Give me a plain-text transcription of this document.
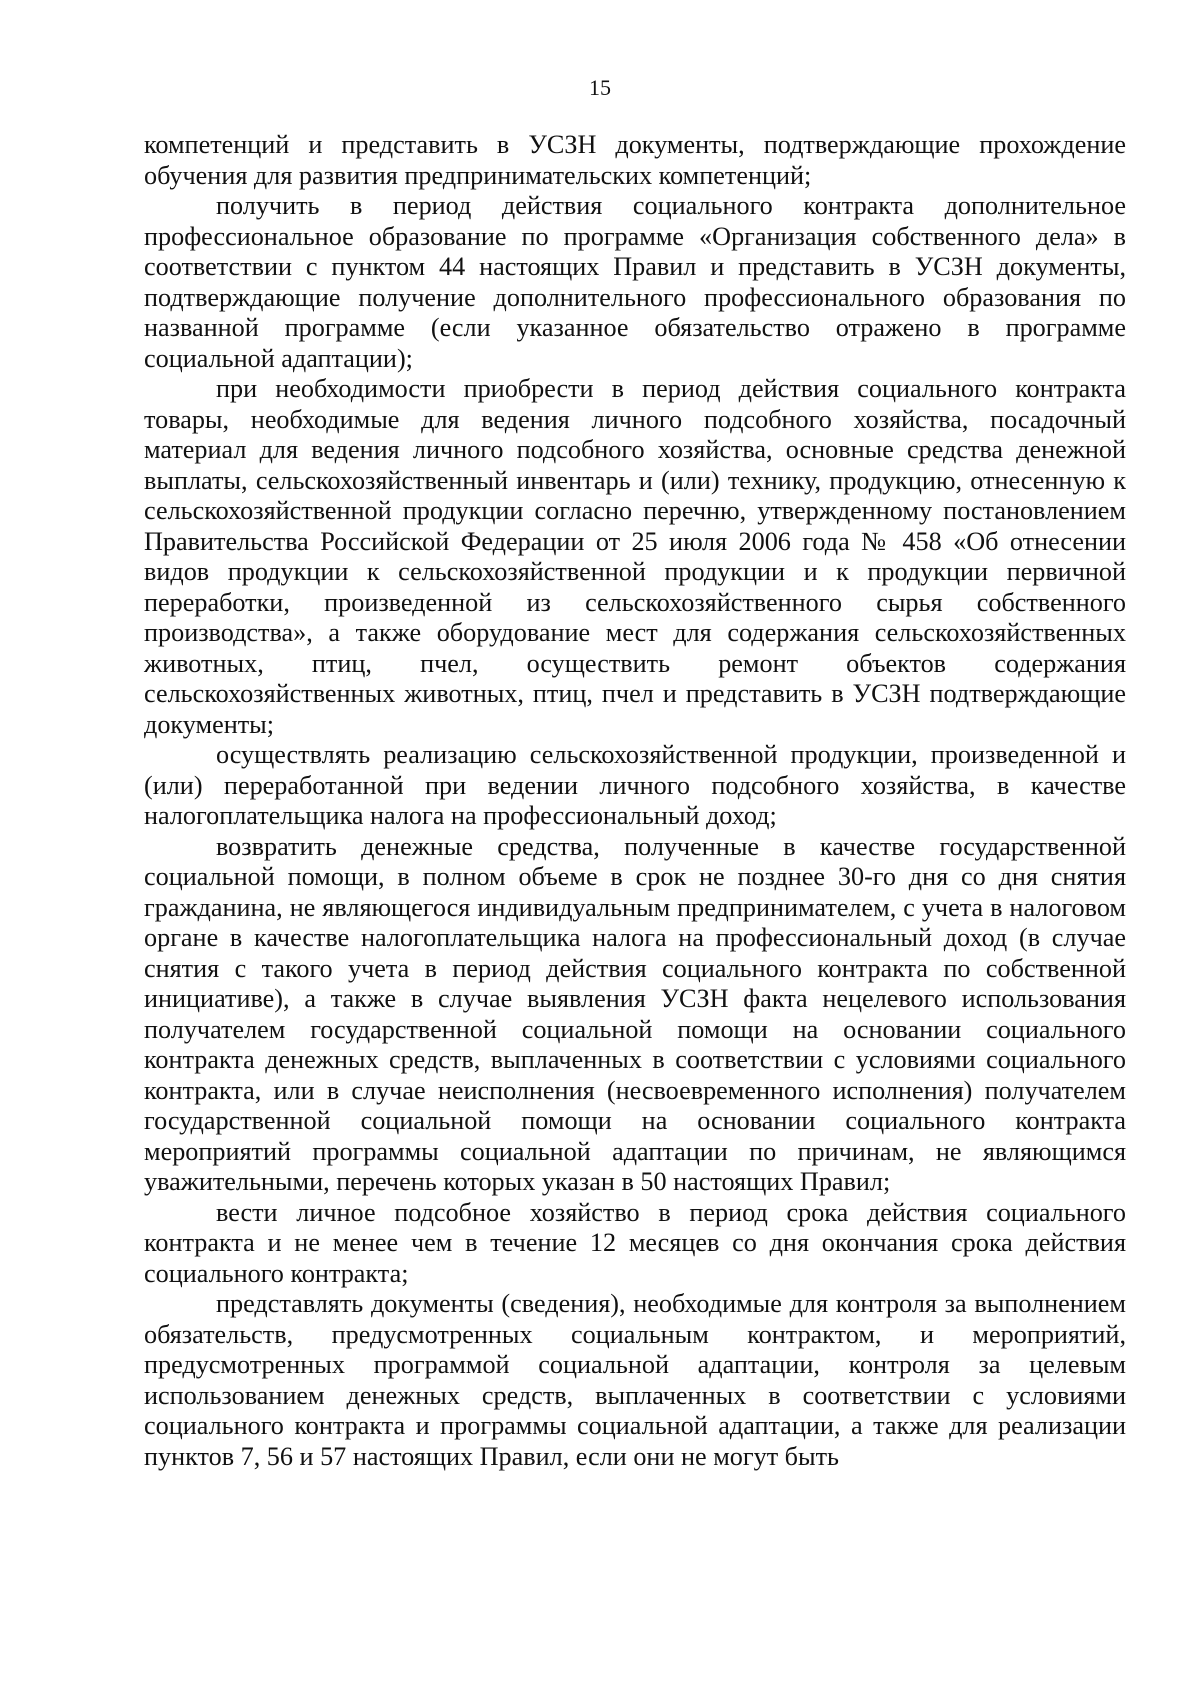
15

компетенций и представить в УСЗН документы, подтверждающие прохождение обучения для развития предпринимательских компетенций;

получить в период действия социального контракта дополнительное профессиональное образование по программе «Организация собственного дела» в соответствии с пунктом 44 настоящих Правил и представить в УСЗН документы, подтверждающие получение дополнительного профессионального образования по названной программе (если указанное обязательство отражено в программе социальной адаптации);

при необходимости приобрести в период действия социального контракта товары, необходимые для ведения личного подсобного хозяйства, посадочный материал для ведения личного подсобного хозяйства, основные средства денежной выплаты, сельскохозяйственный инвентарь и (или) технику, продукцию, отнесенную к сельскохозяйственной продукции согласно перечню, утвержденному постановлением Правительства Российской Федерации от 25 июля 2006 года № 458 «Об отнесении видов продукции к сельскохозяйственной продукции и к продукции первичной переработки, произведенной из сельскохозяйственного сырья собственного производства», а также оборудование мест для содержания сельскохозяйственных животных, птиц, пчел, осуществить ремонт объектов содержания сельскохозяйственных животных, птиц, пчел и представить в УСЗН подтверждающие документы;

осуществлять реализацию сельскохозяйственной продукции, произведенной и (или) переработанной при ведении личного подсобного хозяйства, в качестве налогоплательщика налога на профессиональный доход;

возвратить денежные средства, полученные в качестве государственной социальной помощи, в полном объеме в срок не позднее 30-го дня со дня снятия гражданина, не являющегося индивидуальным предпринимателем, с учета в налоговом органе в качестве налогоплательщика налога на профессиональный доход (в случае снятия с такого учета в период действия социального контракта по собственной инициативе), а также в случае выявления УСЗН факта нецелевого использования получателем государственной социальной помощи на основании социального контракта денежных средств, выплаченных в соответствии с условиями социального контракта, или в случае неисполнения (несвоевременного исполнения) получателем государственной социальной помощи на основании социального контракта мероприятий программы социальной адаптации по причинам, не являющимся уважительными, перечень которых указан в 50 настоящих Правил;

вести личное подсобное хозяйство в период срока действия социального контракта и не менее чем в течение 12 месяцев со дня окончания срока действия социального контракта;

представлять документы (сведения), необходимые для контроля за выполнением обязательств, предусмотренных социальным контрактом, и мероприятий, предусмотренных программой социальной адаптации, контроля за целевым использованием денежных средств, выплаченных в соответствии с условиями социального контракта и программы социальной адаптации, а также для реализации пунктов 7, 56 и 57 настоящих Правил, если они не могут быть
